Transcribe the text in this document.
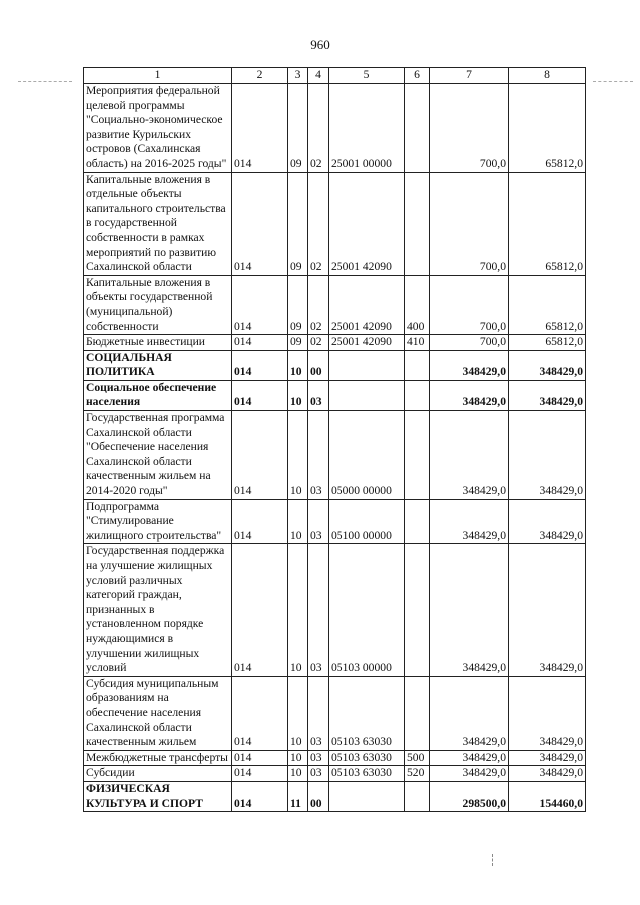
960
1	2	3	4	5	6	7	8
Мероприятия федеральной целевой программы "Социально-экономическое развитие Курильских островов (Сахалинская область) на 2016-2025 годы"	014	09	02	25001 00000		700,0	65812,0
Капитальные вложения в отдельные объекты капитального строительства в государственной собственности в рамках мероприятий по развитию Сахалинской области	014	09	02	25001 42090		700,0	65812,0
Капитальные вложения в объекты государственной (муниципальной) собственности	014	09	02	25001 42090	400	700,0	65812,0
Бюджетные инвестиции	014	09	02	25001 42090	410	700,0	65812,0
СОЦИАЛЬНАЯ ПОЛИТИКА	014	10	00			348429,0	348429,0
Социальное обеспечение населения	014	10	03			348429,0	348429,0
Государственная программа Сахалинской области "Обеспечение населения Сахалинской области качественным жильем на 2014-2020 годы"	014	10	03	05000 00000		348429,0	348429,0
Подпрограмма "Стимулирование жилищного строительства"	014	10	03	05100 00000		348429,0	348429,0
Государственная поддержка на улучшение жилищных условий различных категорий граждан, признанных в установленном порядке нуждающимися в улучшении жилищных условий	014	10	03	05103 00000		348429,0	348429,0
Субсидия муниципальным образованиям на обеспечение населения Сахалинской области качественным жильем	014	10	03	05103 63030		348429,0	348429,0
Межбюджетные трансферты	014	10	03	05103 63030	500	348429,0	348429,0
Субсидии	014	10	03	05103 63030	520	348429,0	348429,0
ФИЗИЧЕСКАЯ КУЛЬТУРА И СПОРТ	014	11	00			298500,0	154460,0
